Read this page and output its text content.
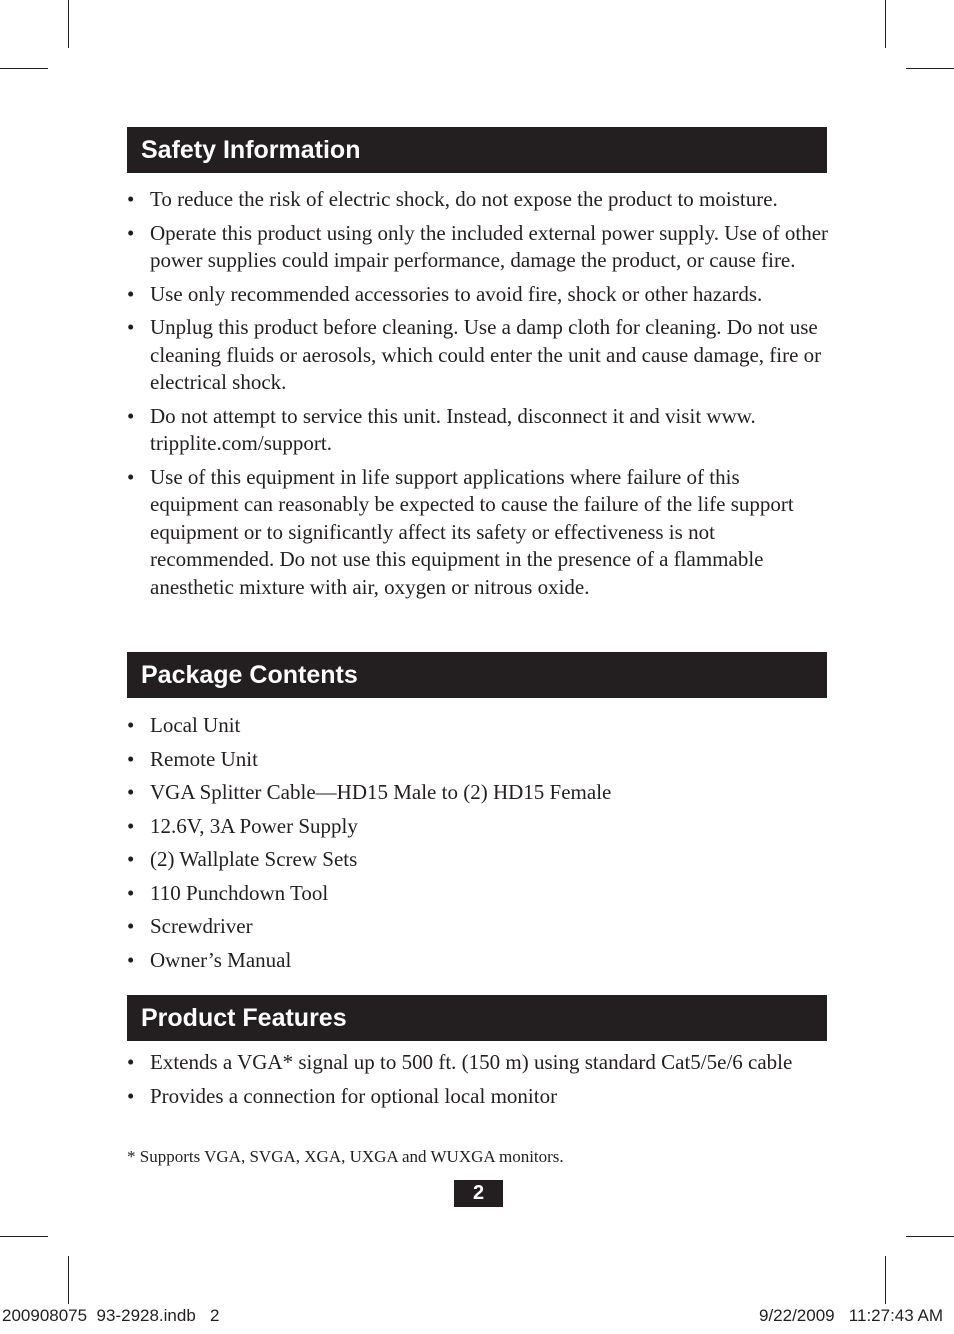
Safety Information
• To reduce the risk of electric shock, do not expose the product to moisture.
• Operate this product using only the included external power supply. Use of other power supplies could impair performance, damage the product, or cause fire.
• Use only recommended accessories to avoid fire, shock or other hazards.
• Unplug this product before cleaning. Use a damp cloth for cleaning. Do not use cleaning fluids or aerosols, which could enter the unit and cause damage, fire or electrical shock.
• Do not attempt to service this unit. Instead, disconnect it and visit www. tripplite.com/support.
• Use of this equipment in life support applications where failure of this equipment can reasonably be expected to cause the failure of the life support equipment or to significantly affect its safety or effectiveness is not recommended. Do not use this equipment in the presence of a flammable anesthetic mixture with air, oxygen or nitrous oxide.
Package Contents
• Local Unit
• Remote Unit
• VGA Splitter Cable—HD15 Male to (2) HD15 Female
• 12.6V, 3A Power Supply
• (2) Wallplate Screw Sets
• 110 Punchdown Tool
• Screwdriver
• Owner’s Manual
Product Features
• Extends a VGA* signal up to 500 ft. (150 m) using standard Cat5/5e/6 cable
• Provides a connection for optional local monitor
* Supports VGA, SVGA, XGA, UXGA and WUXGA monitors.
2
200908075  93-2928.indb   2	9/22/2009   11:27:43 AM
